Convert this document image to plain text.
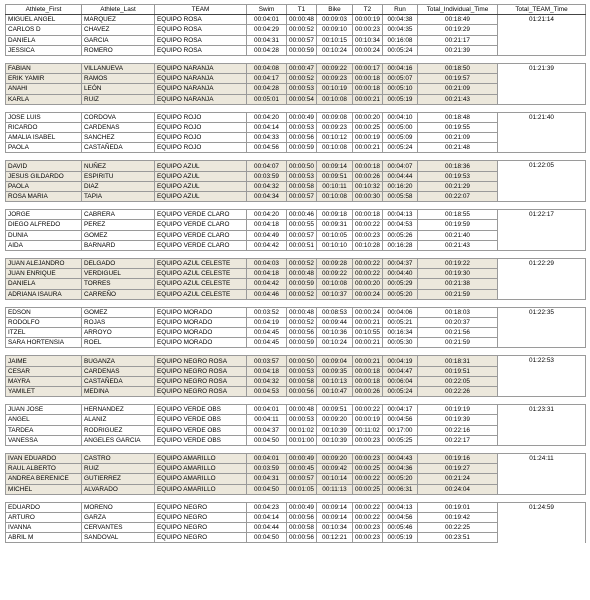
Athlete_First	Athlete_Last	TEAM	Swim	T1	Bike	T2	Run	Total_Individual_Time	Total_TEAM_Time
MIGUEL ANGEL	MARQUEZ	EQUIPO ROSA	00:04:01	00:00:48	00:09:03	00:00:19	00:04:38	00:18:49	01:21:14
CARLOS D	CHAVEZ	EQUIPO ROSA	00:04:29	00:00:52	00:09:10	00:00:23	00:04:35	00:19:29	
DANIELA	GARCIA	EQUIPO ROSA	00:04:31	00:00:57	00:10:15	00:10:34	00:16:08	00:21:17	
JESSICA	ROMERO	EQUIPO ROSA	00:04:28	00:00:59	00:10:24	00:00:24	00:05:24	00:21:39	

FABIAN	VILLANUEVA	EQUIPO NARANJA	00:04:08	00:00:47	00:09:22	00:00:17	00:04:16	00:18:50	01:21:39
ERIK YAMIR	RAMOS	EQUIPO NARANJA	00:04:17	00:00:52	00:09:23	00:00:18	00:05:07	00:19:57	
ANAHI	LEÓN	EQUIPO NARANJA	00:04:28	00:00:53	00:10:19	00:00:18	00:05:10	00:21:09	
KARLA	RUIZ	EQUIPO NARANJA	00:05:01	00:00:54	00:10:08	00:00:21	00:05:19	00:21:43	

JOSE LUIS	CORDOVA	EQUIPO ROJO	00:04:20	00:00:49	00:09:08	00:00:20	00:04:10	00:18:48	01:21:40
RICARDO	CARDENAS	EQUIPO ROJO	00:04:14	00:00:53	00:09:23	00:00:25	00:05:00	00:19:55	
AMALIA ISABEL	SANCHEZ	EQUIPO ROJO	00:04:33	00:00:56	00:10:12	00:00:19	00:05:09	00:21:09	
PAOLA	CASTAÑEDA	EQUIPO ROJO	00:04:56	00:00:59	00:10:08	00:00:21	00:05:24	00:21:48	

DAVID	NUÑEZ	EQUIPO AZUL	00:04:07	00:00:50	00:09:14	00:00:18	00:04:07	00:18:36	01:22:05
JESUS GILDARDO	ESPIRITU	EQUIPO AZUL	00:03:59	00:00:53	00:09:51	00:00:26	00:04:44	00:19:53	
PAOLA	DIAZ	EQUIPO AZUL	00:04:32	00:00:58	00:10:11	00:10:32	00:16:20	00:21:29	
ROSA MARIA	TAPIA	EQUIPO AZUL	00:04:34	00:00:57	00:10:08	00:00:30	00:05:58	00:22:07	

JORGE	CABRERA	EQUIPO VERDE CLARO	00:04:20	00:00:46	00:09:18	00:00:18	00:04:13	00:18:55	01:22:17
DIEGO ALFREDO	PEREZ	EQUIPO VERDE CLARO	00:04:18	00:00:55	00:09:31	00:00:22	00:04:53	00:19:59	
DUNIA	GOMEZ	EQUIPO VERDE CLARO	00:04:49	00:00:57	00:10:05	00:00:23	00:05:26	00:21:40	
AIDA	BARNARD	EQUIPO VERDE CLARO	00:04:42	00:00:51	00:10:10	00:10:28	00:16:28	00:21:43	

JUAN ALEJANDRO	DELGADO	EQUIPO AZUL CELESTE	00:04:03	00:00:52	00:09:28	00:00:22	00:04:37	00:19:22	01:22:29
JUAN ENRIQUE	VERDIGUEL	EQUIPO AZUL CELESTE	00:04:18	00:00:48	00:09:22	00:00:22	00:04:40	00:19:30	
DANIELA	TORRES	EQUIPO AZUL CELESTE	00:04:42	00:00:59	00:10:08	00:00:20	00:05:29	00:21:38	
ADRIANA ISAURA	CARREÑO	EQUIPO AZUL CELESTE	00:04:46	00:00:52	00:10:37	00:00:24	00:05:20	00:21:59	

EDSON	GOMEZ	EQUIPO MORADO	00:03:52	00:00:48	00:08:53	00:00:24	00:04:06	00:18:03	01:22:35
RODOLFO	ROJAS	EQUIPO MORADO	00:04:19	00:00:52	00:09:44	00:00:21	00:05:21	00:20:37	
ITZEL	ARROYO	EQUIPO MORADO	00:04:45	00:00:56	00:10:36	00:10:55	00:16:34	00:21:56	
SARA HORTENSIA	ROEL	EQUIPO MORADO	00:04:45	00:00:59	00:10:24	00:00:21	00:05:30	00:21:59	

JAIME	BUGANZA	EQUIPO NEGRO ROSA	00:03:57	00:00:50	00:09:04	00:00:21	00:04:19	00:18:31	01:22:53
CESAR	CARDENAS	EQUIPO NEGRO ROSA	00:04:18	00:00:53	00:09:35	00:00:18	00:04:47	00:19:51	
MAYRA	CASTAÑEDA	EQUIPO NEGRO ROSA	00:04:32	00:00:58	00:10:13	00:00:18	00:06:04	00:22:05	
YAMILET	MEDINA	EQUIPO NEGRO ROSA	00:04:53	00:00:56	00:10:47	00:00:26	00:05:24	00:22:26	

JUAN JOSE	HERNANDEZ	EQUIPO VERDE OBS	00:04:01	00:00:48	00:09:51	00:00:22	00:04:17	00:19:19	01:23:31
ANGEL	ALANIZ	EQUIPO VERDE OBS	00:04:11	00:00:53	00:09:20	00:00:19	00:04:56	00:19:39	
TARDEA	RODRIGUEZ	EQUIPO VERDE OBS	00:04:37	00:01:02	00:10:39	00:11:02	00:17:00	00:22:16	
VANESSA	ANGELES GARCIA	EQUIPO VERDE OBS	00:04:50	00:01:00	00:10:39	00:00:23	00:05:25	00:22:17	

IVAN EDUARDO	CASTRO	EQUIPO AMARILLO	00:04:01	00:00:49	00:09:20	00:00:23	00:04:43	00:19:16	01:24:11
RAUL ALBERTO	RUIZ	EQUIPO AMARILLO	00:03:59	00:00:45	00:09:42	00:00:25	00:04:36	00:19:27	
ANDREA BERENICE	GUTIERREZ	EQUIPO AMARILLO	00:04:31	00:00:57	00:10:14	00:00:22	00:05:20	00:21:24	
MICHEL	ALVARADO	EQUIPO AMARILLO	00:04:50	00:01:05	00:11:13	00:00:25	00:06:31	00:24:04	

EDUARDO	MORENO	EQUIPO NEGRO	00:04:23	00:00:49	00:09:14	00:00:22	00:04:13	00:19:01	01:24:59
ARTURO	GARZA	EQUIPO NEGRO	00:04:14	00:00:56	00:09:14	00:00:22	00:04:56	00:19:42	
IVANNA	CERVANTES	EQUIPO NEGRO	00:04:44	00:00:58	00:10:34	00:00:23	00:05:46	00:22:25	
ABRIL M	SANDOVAL	EQUIPO NEGRO	00:04:50	00:00:56	00:12:21	00:00:23	00:05:19	00:23:51	
